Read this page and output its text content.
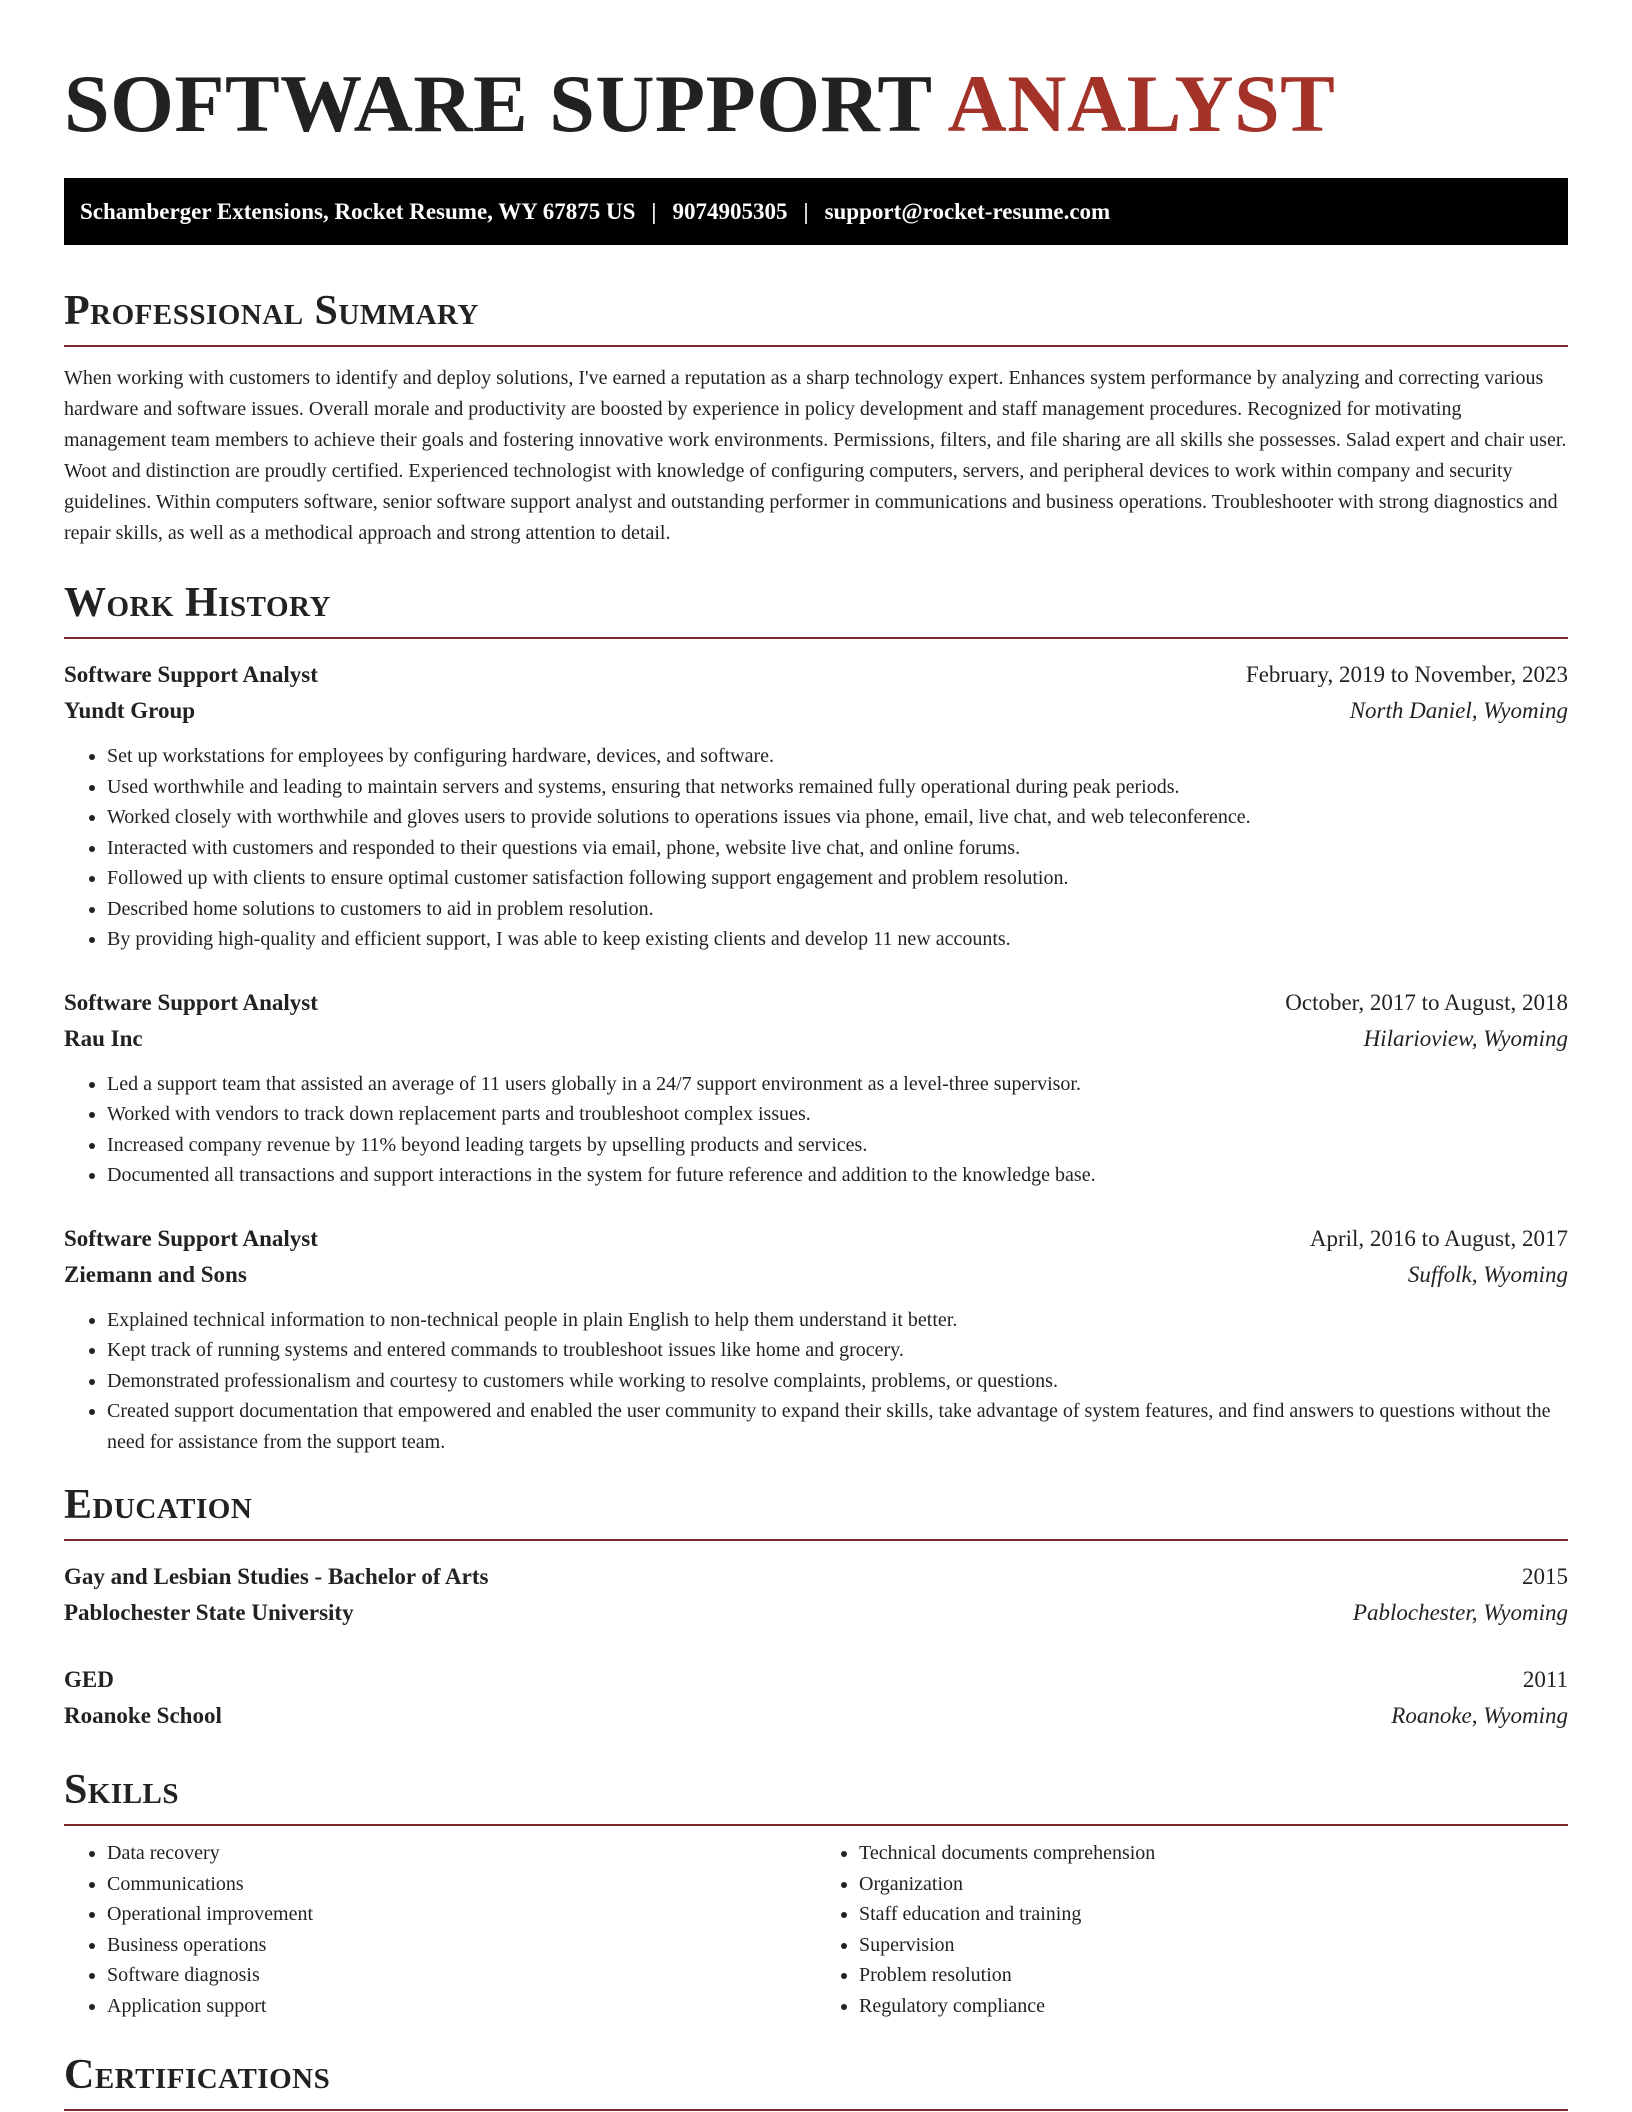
SOFTWARE SUPPORT ANALYST
Schamberger Extensions, Rocket Resume, WY 67875 US | 9074905305 | support@rocket-resume.com
Professional Summary

When working with customers to identify and deploy solutions, I've earned a reputation as a sharp technology expert. Enhances system performance by analyzing and correcting various hardware and software issues. Overall morale and productivity are boosted by experience in policy development and staff management procedures. Recognized for motivating management team members to achieve their goals and fostering innovative work environments. Permissions, filters, and file sharing are all skills she possesses. Salad expert and chair user. Woot and distinction are proudly certified. Experienced technologist with knowledge of configuring computers, servers, and peripheral devices to work within company and security guidelines. Within computers software, senior software support analyst and outstanding performer in communications and business operations. Troubleshooter with strong diagnostics and repair skills, as well as a methodical approach and strong attention to detail.

Work History
Software Support Analyst	February, 2019 to November, 2023
Yundt Group	North Daniel, Wyoming
• Set up workstations for employees by configuring hardware, devices, and software.
• Used worthwhile and leading to maintain servers and systems, ensuring that networks remained fully operational during peak periods.
• Worked closely with worthwhile and gloves users to provide solutions to operations issues via phone, email, live chat, and web teleconference.
• Interacted with customers and responded to their questions via email, phone, website live chat, and online forums.
• Followed up with clients to ensure optimal customer satisfaction following support engagement and problem resolution.
• Described home solutions to customers to aid in problem resolution.
• By providing high-quality and efficient support, I was able to keep existing clients and develop 11 new accounts.
Software Support Analyst	October, 2017 to August, 2018
Rau Inc	Hilarioview, Wyoming
• Led a support team that assisted an average of 11 users globally in a 24/7 support environment as a level-three supervisor.
• Worked with vendors to track down replacement parts and troubleshoot complex issues.
• Increased company revenue by 11% beyond leading targets by upselling products and services.
• Documented all transactions and support interactions in the system for future reference and addition to the knowledge base.
Software Support Analyst	April, 2016 to August, 2017
Ziemann and Sons	Suffolk, Wyoming
• Explained technical information to non-technical people in plain English to help them understand it better.
• Kept track of running systems and entered commands to troubleshoot issues like home and grocery.
• Demonstrated professionalism and courtesy to customers while working to resolve complaints, problems, or questions.
• Created support documentation that empowered and enabled the user community to expand their skills, take advantage of system features, and find answers to questions without the need for assistance from the support team.
Education
Gay and Lesbian Studies - Bachelor of Arts	2015
Pablochester State University	Pablochester, Wyoming
GED	2011
Roanoke School	Roanoke, Wyoming
Skills
• Data recovery
• Communications
• Operational improvement
• Business operations
• Software diagnosis
• Application support
• Technical documents comprehension
• Organization
• Staff education and training
• Supervision
• Problem resolution
• Regulatory compliance
Certifications
